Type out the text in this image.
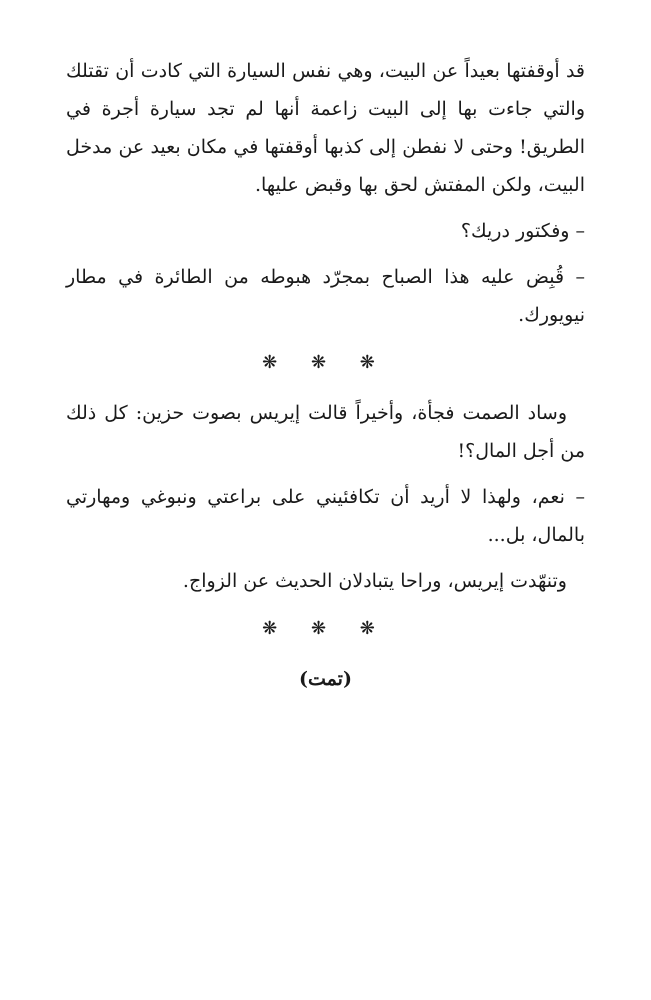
قد أوقفتها بعيداً عن البيت، وهي نفس السيارة التي كادت أن تقتلك والتي جاءت بها إلى البيت زاعمة أنها لم تجد سيارة أجرة في الطريق! وحتى لا نفطن إلى كذبها أوقفتها في مكان بعيد عن مدخل البيت، ولكن المفتش لحق بها وقبض عليها.

– وفكتور دريك؟

– قُبِض عليه هذا الصباح بمجرّد هبوطه من الطائرة في مطار نيويورك.

❋ ❋ ❋

وساد الصمت فجأة، وأخيراً قالت إيريس بصوت حزين: كل ذلك من أجل المال؟!

– نعم، ولهذا لا أريد أن تكافئيني على براعتي ونبوغي ومهارتي بالمال، بل...

وتنهّدت إيريس، وراحا يتبادلان الحديث عن الزواج.

❋ ❋ ❋
(تمت)
